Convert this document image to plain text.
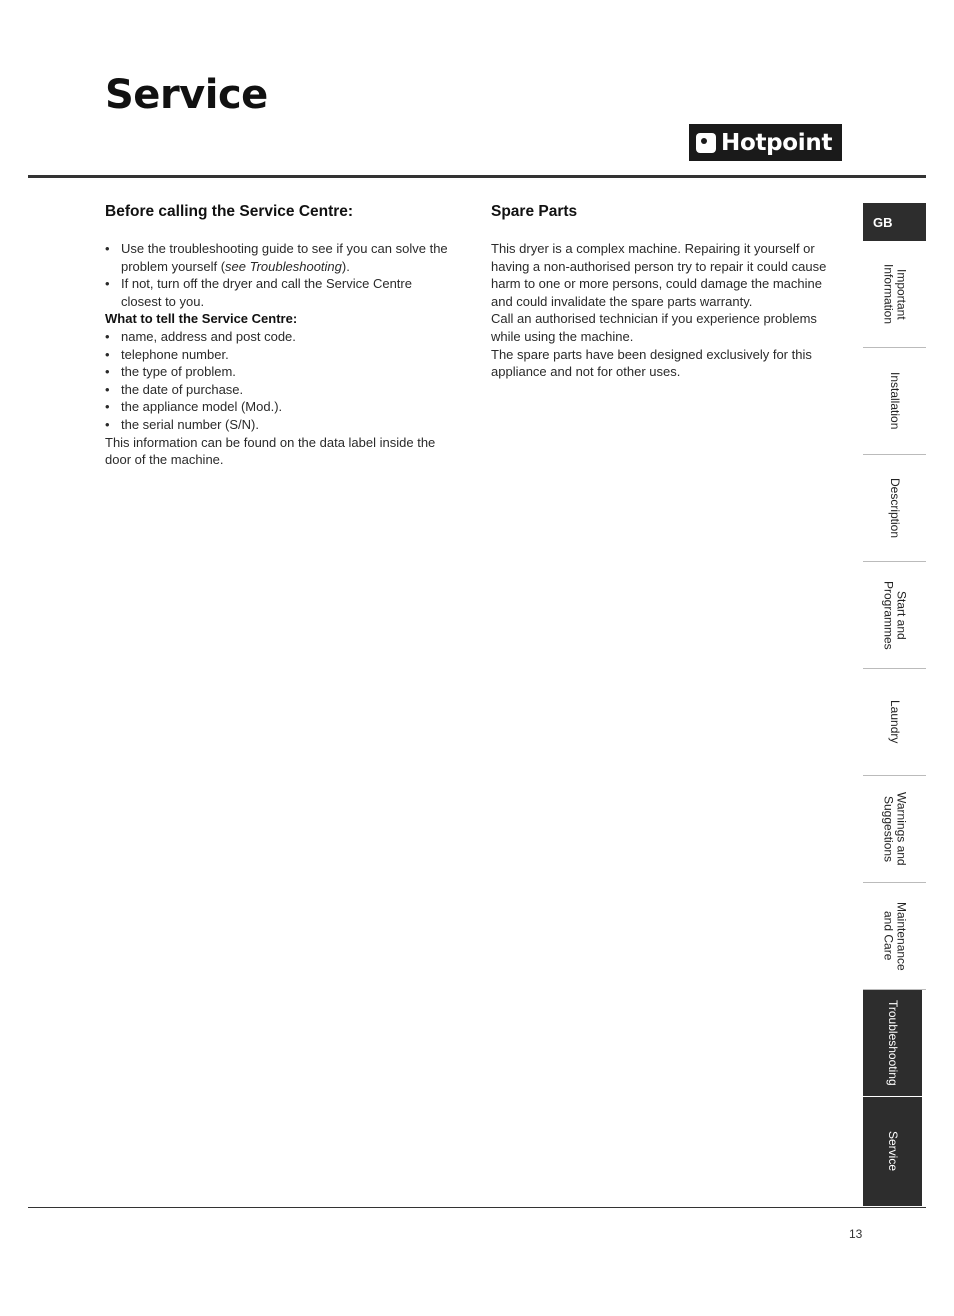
Service
Hotpoint
Before calling the Service Centre:
• Use the troubleshooting guide to see if you can solve the problem yourself (see Troubleshooting).
• If not, turn off the dryer and call the Service Centre closest to you.

What to tell the Service Centre:

• name, address and post code.
• telephone number.
• the type of problem.
• the date of purchase.
• the appliance model (Mod.).
• the serial number (S/N).

This information can be found on the data label inside the door of the machine.

Spare Parts

This dryer is a complex machine. Repairing it yourself or having a non-authorised person try to repair it could cause harm to one or more persons, could damage the machine and could invalidate the spare parts warranty.

Call an authorised technician if you experience problems while using the machine.

The spare parts have been designed exclusively for this appliance and not for other uses.

GB
Important
Information
Installation
Description
Start and
Programmes
Laundry
Warnings and
Suggestions
Maintenance
and Care
Troubleshooting
Service
13
